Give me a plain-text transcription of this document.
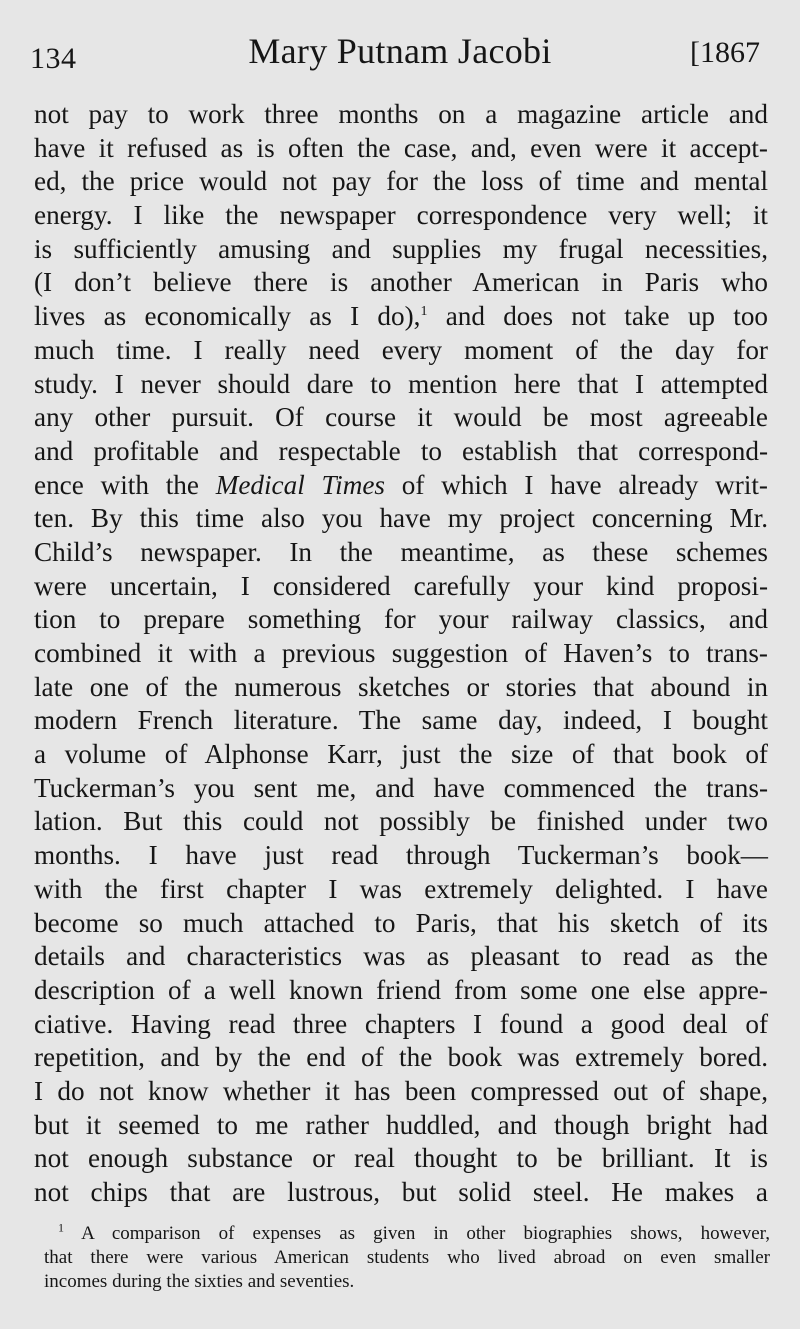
134	Mary Putnam Jacobi	[1867
not pay to work three months on a magazine article and
have it refused as is often the case, and, even were it accept-
ed, the price would not pay for the loss of time and mental
energy. I like the newspaper correspondence very well; it
is sufficiently amusing and supplies my frugal necessities,
(I don’t believe there is another American in Paris who
lives as economically as I do),$^1$ and does not take up too
much time. I really need every moment of the day for
study. I never should dare to mention here that I attempted
any other pursuit. Of course it would be most agreeable
and profitable and respectable to establish that correspond-
ence with the Medical Times of which I have already writ-
ten. By this time also you have my project concerning Mr.
Child’s newspaper. In the meantime, as these schemes
were uncertain, I considered carefully your kind proposi-
tion to prepare something for your railway classics, and
combined it with a previous suggestion of Haven’s to trans-
late one of the numerous sketches or stories that abound in
modern French literature. The same day, indeed, I bought
a volume of Alphonse Karr, just the size of that book of
Tuckerman’s you sent me, and have commenced the trans-
lation. But this could not possibly be finished under two
months. I have just read through Tuckerman’s book—
with the first chapter I was extremely delighted. I have
become so much attached to Paris, that his sketch of its
details and characteristics was as pleasant to read as the
description of a well known friend from some one else appre-
ciative. Having read three chapters I found a good deal of
repetition, and by the end of the book was extremely bored.
I do not know whether it has been compressed out of shape,
but it seemed to me rather huddled, and though bright had
not enough substance or real thought to be brilliant. It is
not chips that are lustrous, but solid steel. He makes a
$^1$ A comparison of expenses as given in other biographies shows, however,
that there were various American students who lived abroad on even smaller
incomes during the sixties and seventies.
